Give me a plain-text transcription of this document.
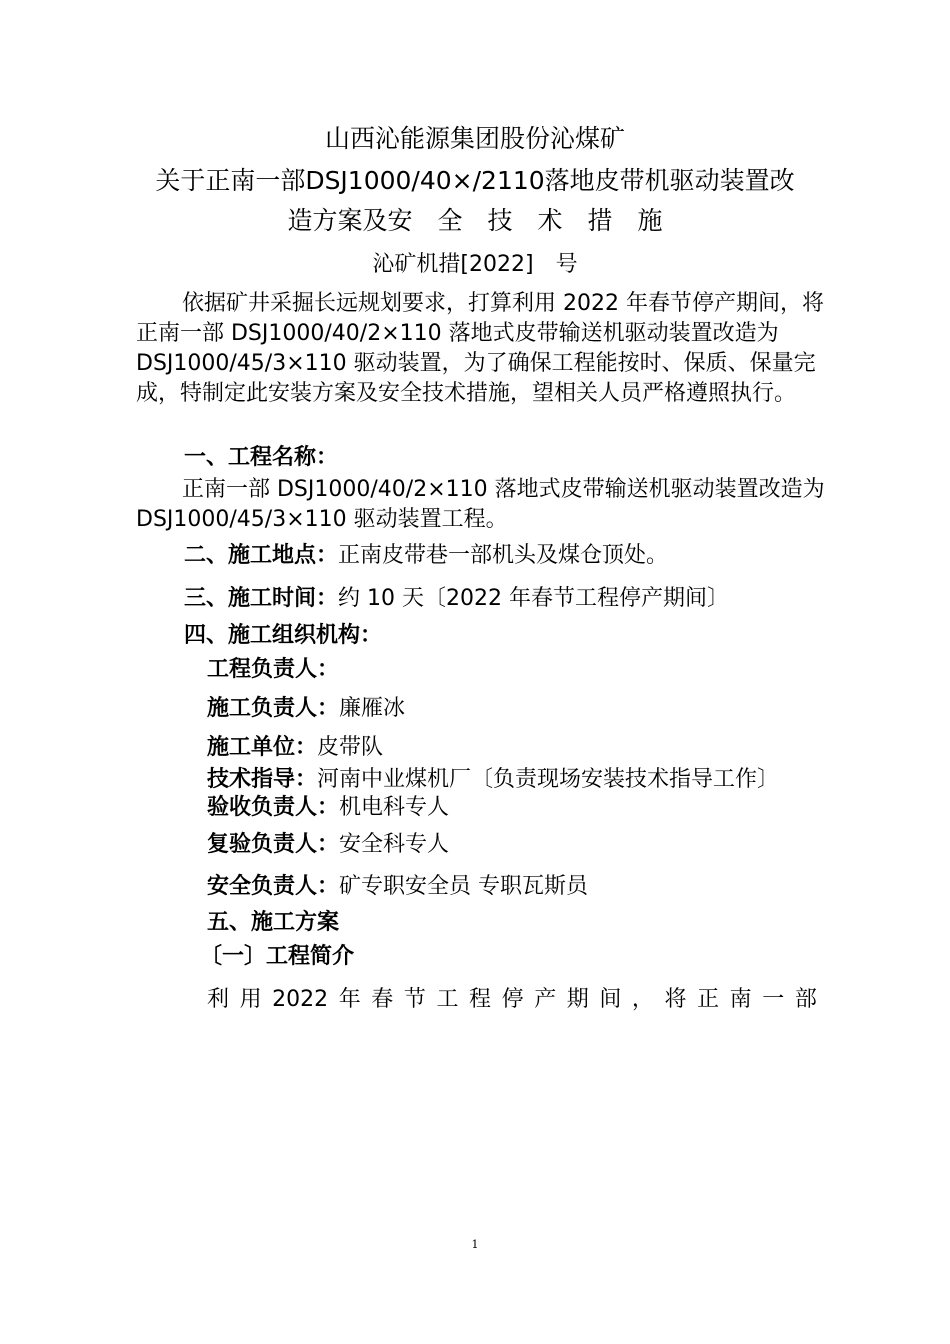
山西沁能源集团股份沁煤矿
关于正南一部DSJ1000/40×/2110落地皮带机驱动装置改
造方案及安　全　技　术　措　施
沁矿机措[2022]　号
依据矿井采掘长远规划要求，打算利用 2022 年春节停产期间，将正南一部 DSJ1000/40/2×110 落地式皮带输送机驱动装置改造为 DSJ1000/45/3×110 驱动装置，为了确保工程能按时、保质、保量完成，特制定此安装方案及安全技术措施，望相关人员严格遵照执行。
一、工程名称：
正南一部 DSJ1000/40/2×110 落地式皮带输送机驱动装置改造为 DSJ1000/45/3×110 驱动装置工程。
二、施工地点：正南皮带巷一部机头及煤仓顶处。
三、施工时间：约 10 天〔2022 年春节工程停产期间〕
四、施工组织机构：
工程负责人：
施工负责人：廉雁冰
施工单位：皮带队
技术指导：河南中业煤机厂〔负责现场安装技术指导工作〕
验收负责人：机电科专人
复验负责人：安全科专人
安全负责人：矿专职安全员 专职瓦斯员
五、施工方案
〔一〕工程简介
利 用 2022 年 春 节 工 程 停 产 期 间 ， 将 正 南 一 部
1
